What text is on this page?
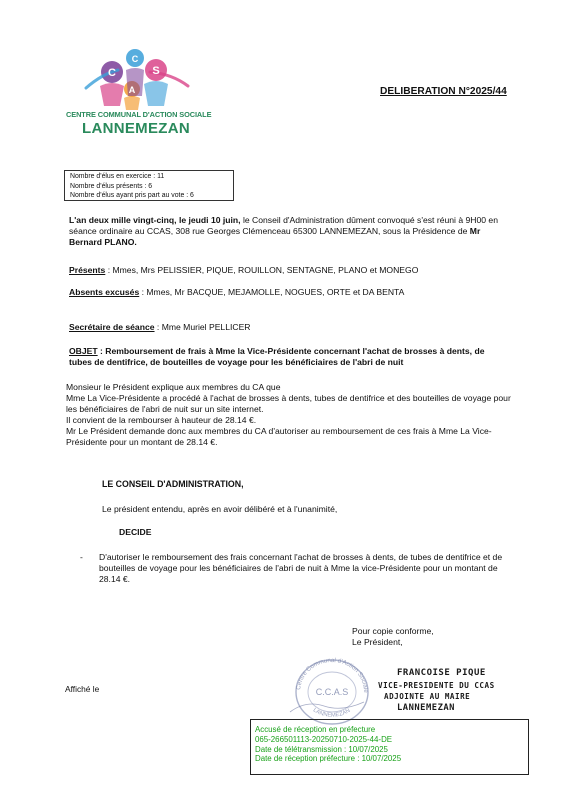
C
C
A
S
CENTRE COMMUNAL D'ACTION SOCIALE
LANNEMEZAN
DELIBERATION N°2025/44
Nombre d'élus en exercice : 11
Nombre d'élus présents : 6
Nombre d'élus ayant pris part au vote : 6
L'an deux mille vingt-cinq, le jeudi 10 juin, le Conseil d'Administration dûment convoqué s'est réuni à 9H00 en séance ordinaire au CCAS, 308 rue Georges Clémenceau 65300 LANNEMEZAN, sous la Présidence de Mr Bernard PLANO.
Présents : Mmes, Mrs PELISSIER, PIQUE, ROUILLON, SENTAGNE, PLANO et MONEGO
Absents excusés : Mmes, Mr BACQUE, MEJAMOLLE, NOGUES, ORTE et DA BENTA
Secrétaire de séance : Mme Muriel PELLICER
OBJET : Remboursement de frais à Mme la Vice-Présidente concernant l'achat de brosses à dents, de tubes de dentifrice, de bouteilles de voyage pour les bénéficiaires de l'abri de nuit
Monsieur le Président explique aux membres du CA que
Mme La Vice-Présidente a procédé à l'achat de brosses à dents, tubes de dentifrice et des bouteilles de voyage pour les bénéficiaires de l'abri de nuit sur un site internet.
Il convient de la rembourser à hauteur de 28.14 €.
Mr Le Président demande donc aux membres du CA d'autoriser au remboursement de ces frais à Mme La Vice-Présidente pour un montant de 28.14 €.
LE CONSEIL D'ADMINISTRATION,
Le président entendu, après en avoir délibéré et à l'unanimité,
DECIDE
- D'autoriser le remboursement des frais concernant l'achat de brosses à dents, de tubes de dentifrice et de bouteilles de voyage pour les bénéficiaires de l'abri de nuit à Mme la vice-Présidente pour un montant de 28.14 €.
Pour copie conforme,
Le Président,
Centre Communal d'Action Sociale
C.C.A.S
LANNEMEZAN
FRANCOISE PIQUE
VICE-PRESIDENTE DU CCAS
ADJOINTE AU MAIRE
LANNEMEZAN
Affiché le
Accusé de réception en préfecture
065-266501113-20250710-2025-44-DE
Date de télétransmission : 10/07/2025
Date de réception préfecture : 10/07/2025
